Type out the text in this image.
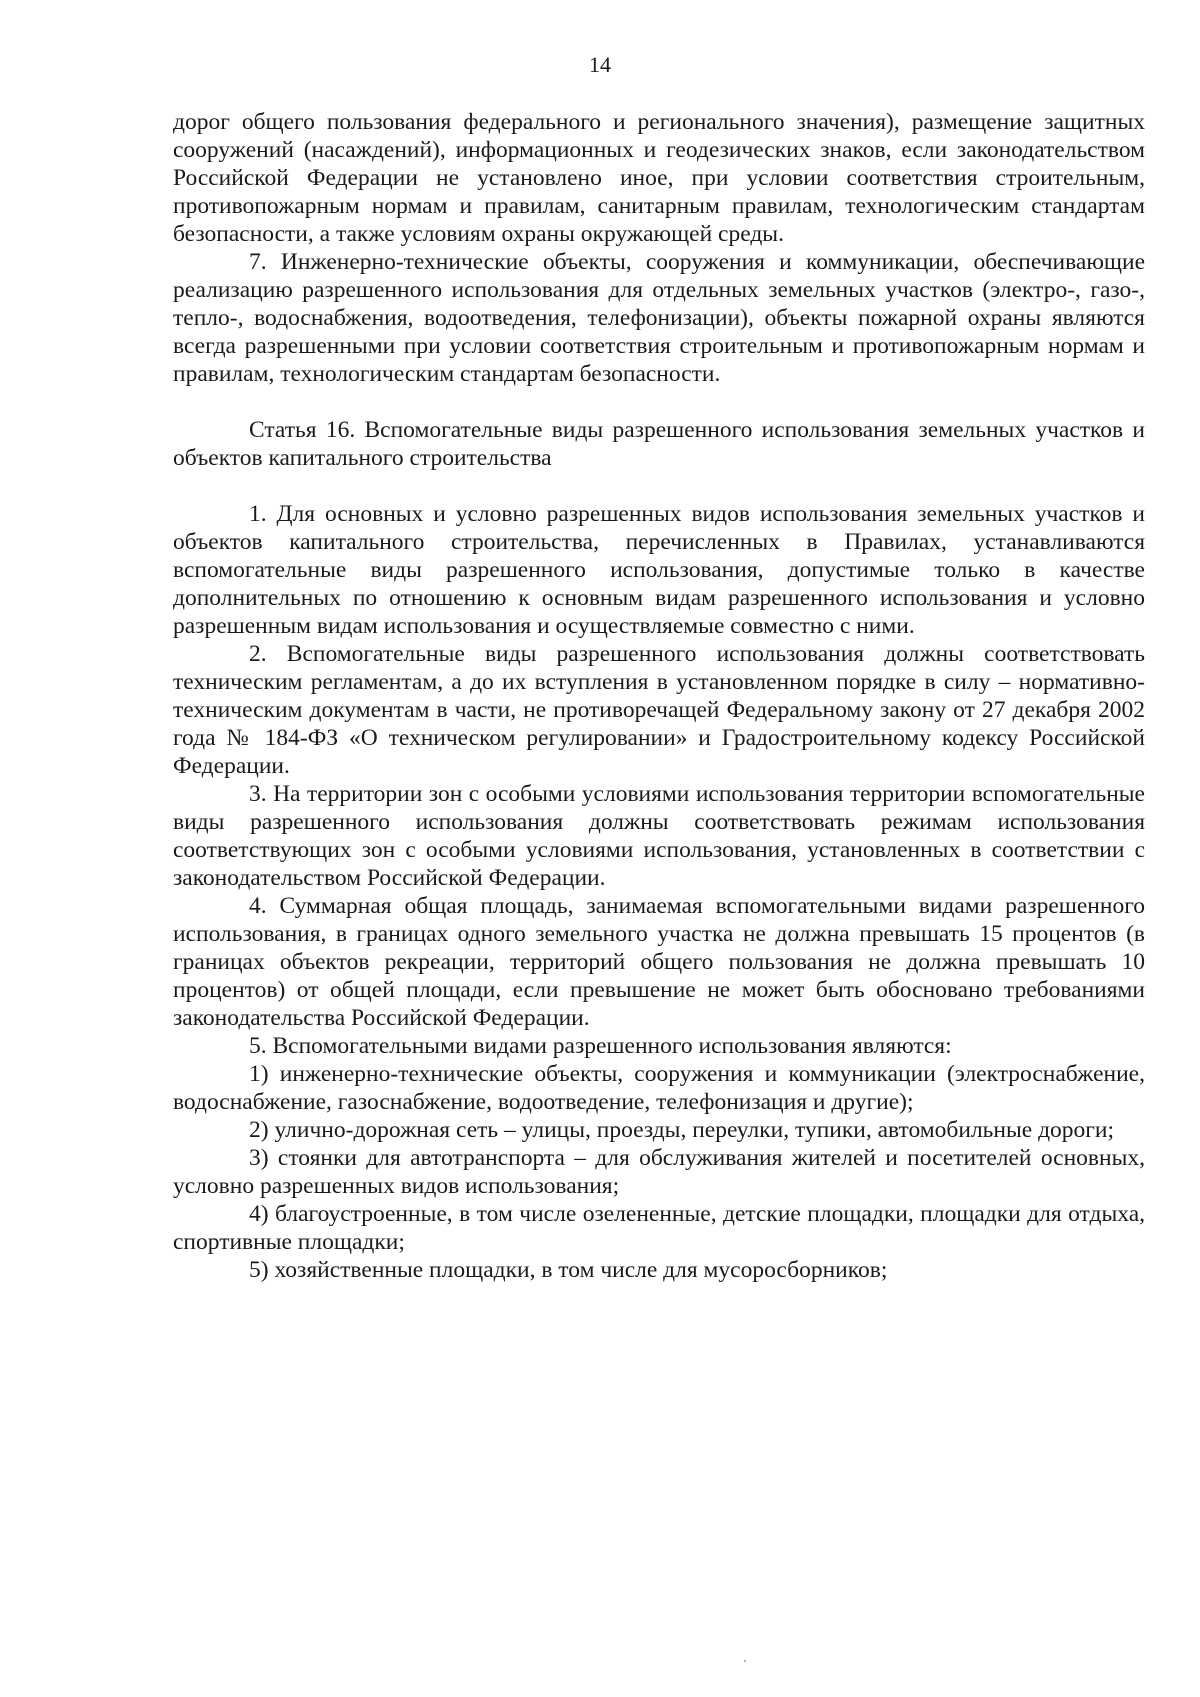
14

дорог общего пользования федерального и регионального значения), размещение защитных сооружений (насаждений), информационных и геодезических знаков, если законодательством Российской Федерации не установлено иное, при условии соответствия строительным, противопожарным нормам и правилам, санитарным правилам, технологическим стандартам безопасности, а также условиям охраны окружающей среды.

7. Инженерно-технические объекты, сооружения и коммуникации, обеспечивающие реализацию разрешенного использования для отдельных земельных участков (электро-, газо-, тепло-, водоснабжения, водоотведения, телефонизации), объекты пожарной охраны являются всегда разрешенными при условии соответствия строительным и противопожарным нормам и правилам, технологическим стандартам безопасности.

Статья 16. Вспомогательные виды разрешенного использования земельных участков и объектов капитального строительства

1. Для основных и условно разрешенных видов использования земельных участков и объектов капитального строительства, перечисленных в Правилах, устанавливаются вспомогательные виды разрешенного использования, допустимые только в качестве дополнительных по отношению к основным видам разрешенного использования и условно разрешенным видам использования и осуществляемые совместно с ними.

2. Вспомогательные виды разрешенного использования должны соответствовать техническим регламентам, а до их вступления в установленном порядке в силу – нормативно-техническим документам в части, не противоречащей Федеральному закону от 27 декабря 2002 года № 184-ФЗ «О техническом регулировании» и Градостроительному кодексу Российской Федерации.

3. На территории зон с особыми условиями использования территории вспомогательные виды разрешенного использования должны соответствовать режимам использования соответствующих зон с особыми условиями использования, установленных в соответствии с законодательством Российской Федерации.

4. Суммарная общая площадь, занимаемая вспомогательными видами разрешенного использования, в границах одного земельного участка не должна превышать 15 процентов (в границах объектов рекреации, территорий общего пользования не должна превышать 10 процентов) от общей площади, если превышение не может быть обосновано требованиями законодательства Российской Федерации.

5. Вспомогательными видами разрешенного использования являются:

1) инженерно-технические объекты, сооружения и коммуникации (электроснабжение, водоснабжение, газоснабжение, водоотведение, телефонизация и другие);

2) улично-дорожная сеть – улицы, проезды, переулки, тупики, автомобильные дороги;

3) стоянки для автотранспорта – для обслуживания жителей и посетителей основных, условно разрешенных видов использования;

4) благоустроенные, в том числе озелененные, детские площадки, площадки для отдыха, спортивные площадки;

5) хозяйственные площадки, в том числе для мусоросборников;
